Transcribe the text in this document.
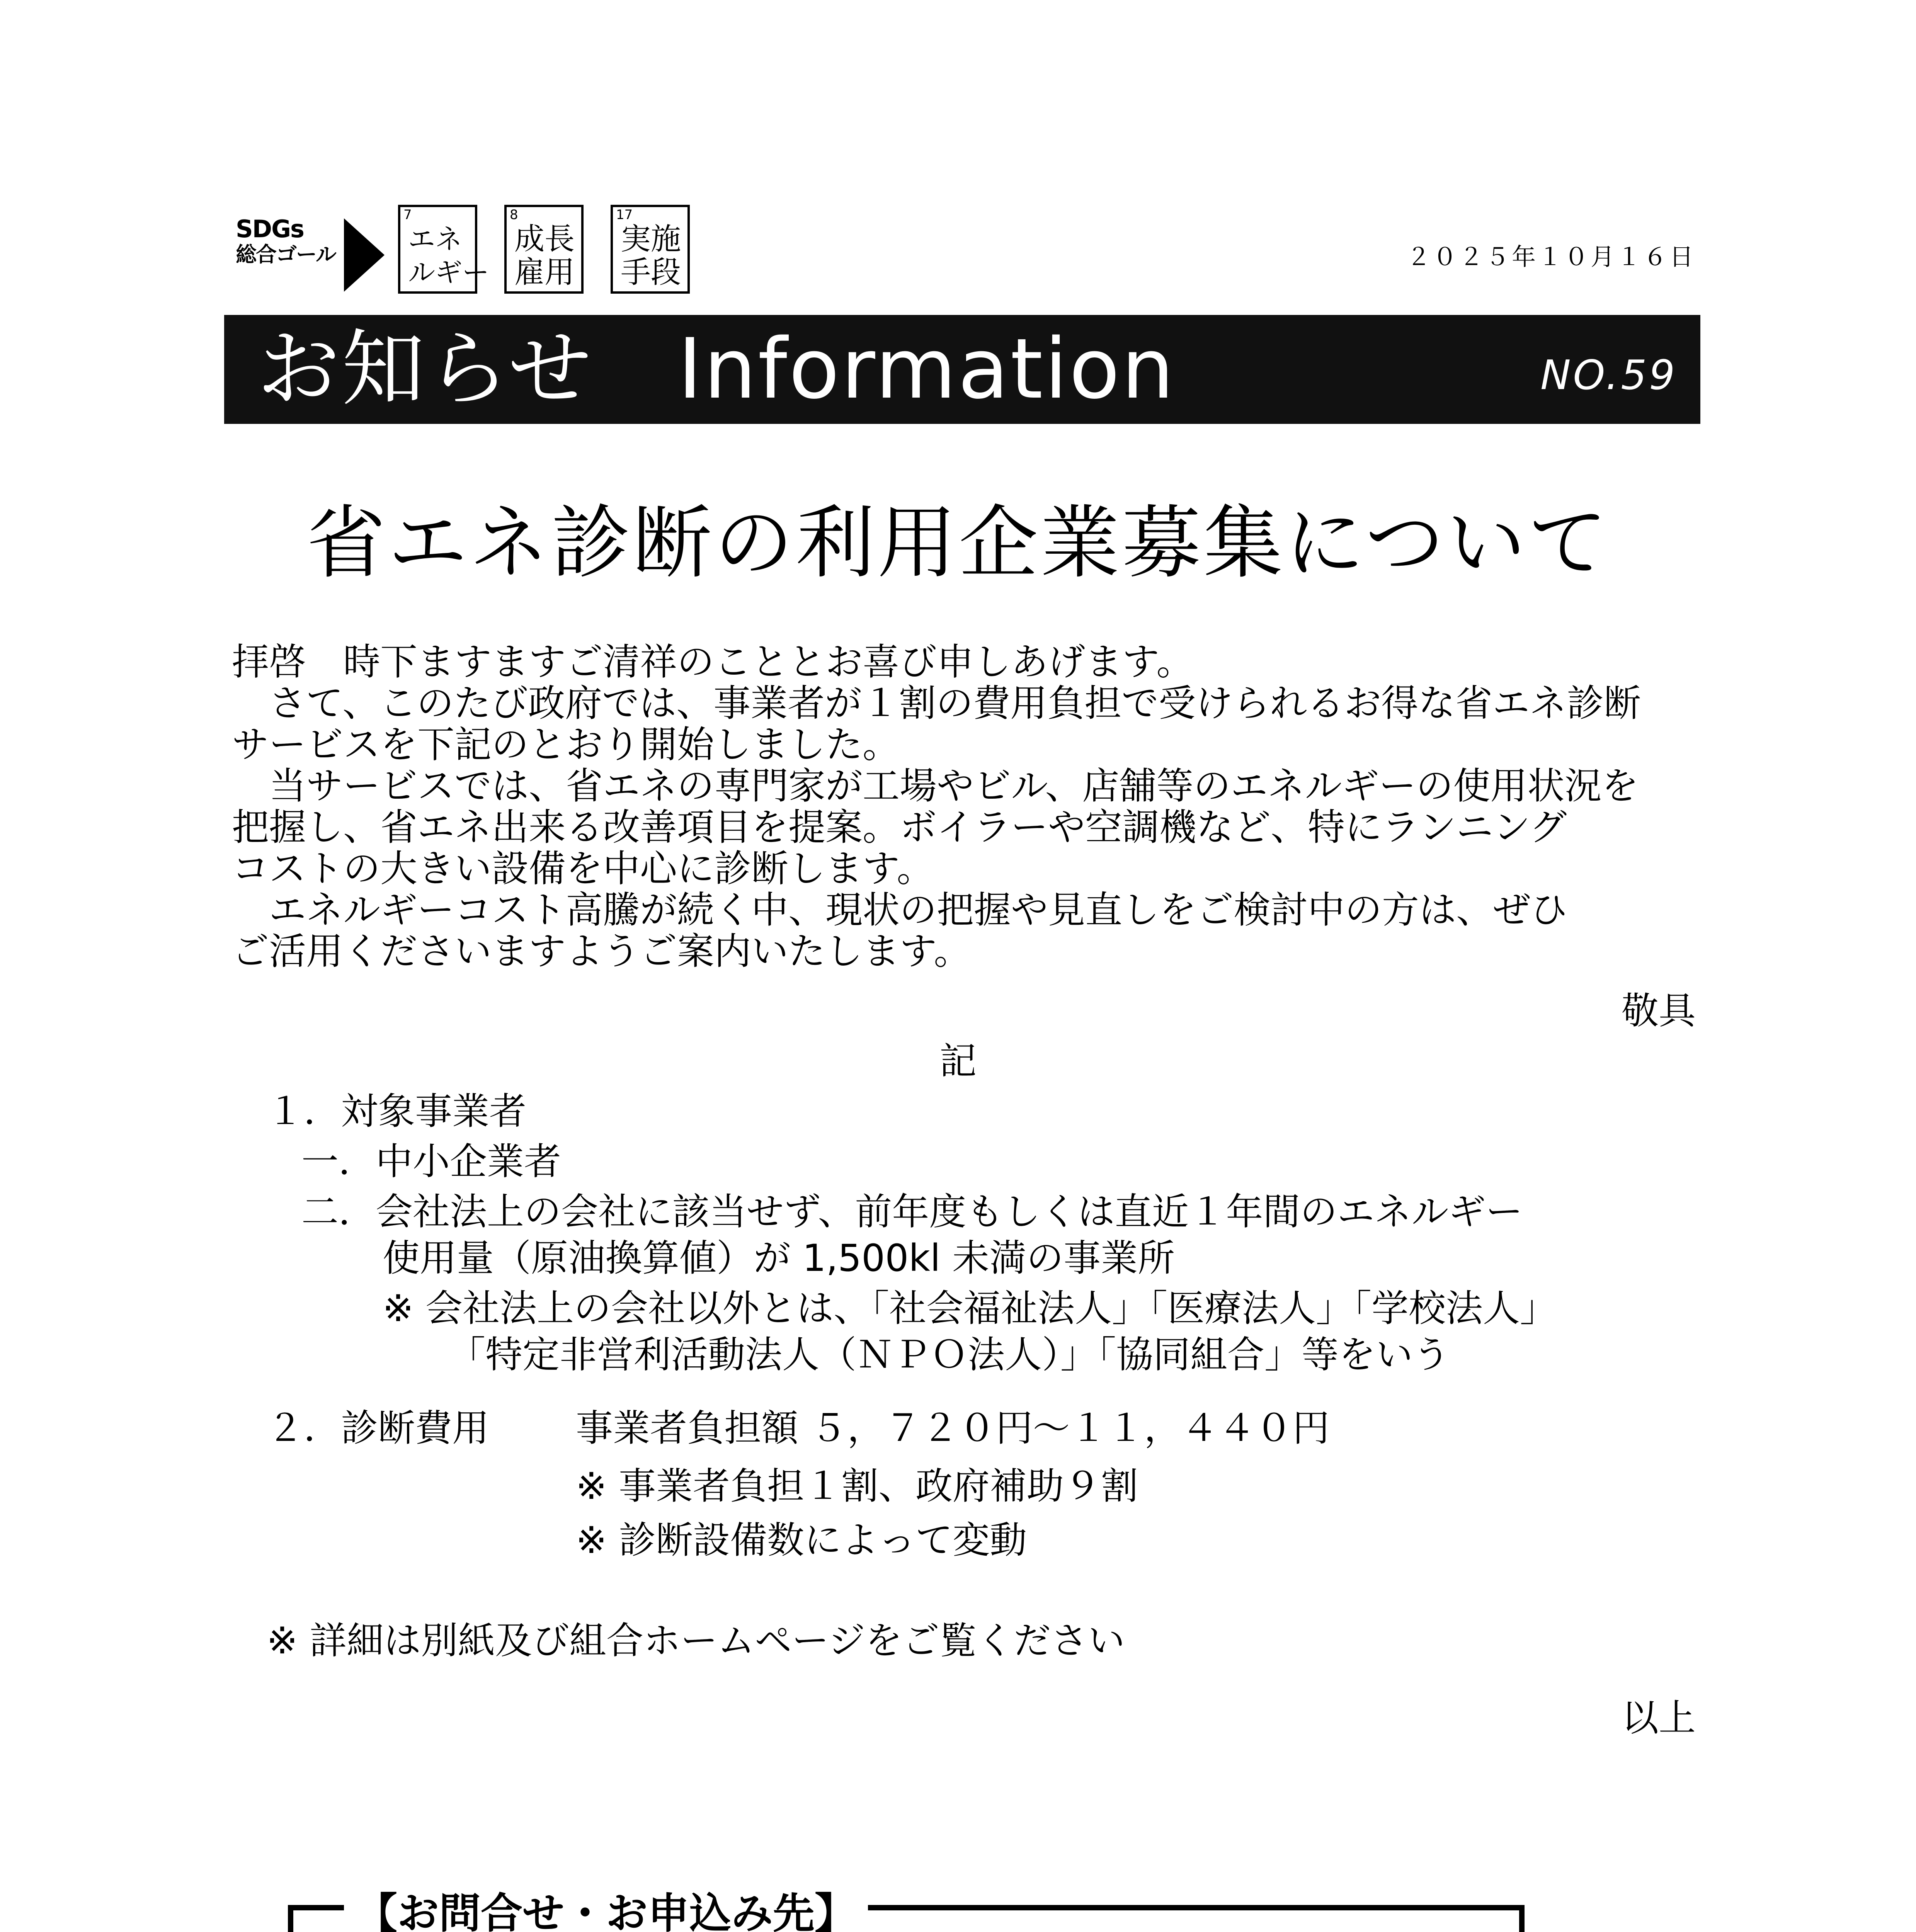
SDGs
総合ゴール
7
エネ
ルギー
8
成長
雇用
17
実施
手段	２０２５年１０月１６日
お知らせ　Information	NO.59
省エネ診断の利用企業募集について
拝啓　時下ますますご清祥のこととお喜び申しあげます。
　さて、このたび政府では、事業者が１割の費用負担で受けられるお得な省エネ診断
サービスを下記のとおり開始しました。
　当サービスでは、省エネの専門家が工場やビル、店舗等のエネルギーの使用状況を
把握し、省エネ出来る改善項目を提案。ボイラーや空調機など、特にランニング
コストの大きい設備を中心に診断します。
　エネルギーコスト高騰が続く中、現状の把握や見直しをご検討中の方は、ぜひ
ご活用くださいますようご案内いたします。
敬具
記
１．対象事業者
一．中小企業者
二．会社法上の会社に該当せず、前年度もしくは直近１年間のエネルギー
使用量（原油換算値）が 1,500kl 未満の事業所
※ 会社法上の会社以外とは、「社会福祉法人」「医療法人」「学校法人」
「特定非営利活動法人（ＮＰＯ法人）」「協同組合」等をいう
２．診断費用 事業者負担額 ５，７２０円～１１，４４０円
※ 事業者負担１割、政府補助９割
※ 診断設備数によって変動
※ 詳細は別紙及び組合ホームページをご覧ください
以上
【お問合せ・お申込み先】
